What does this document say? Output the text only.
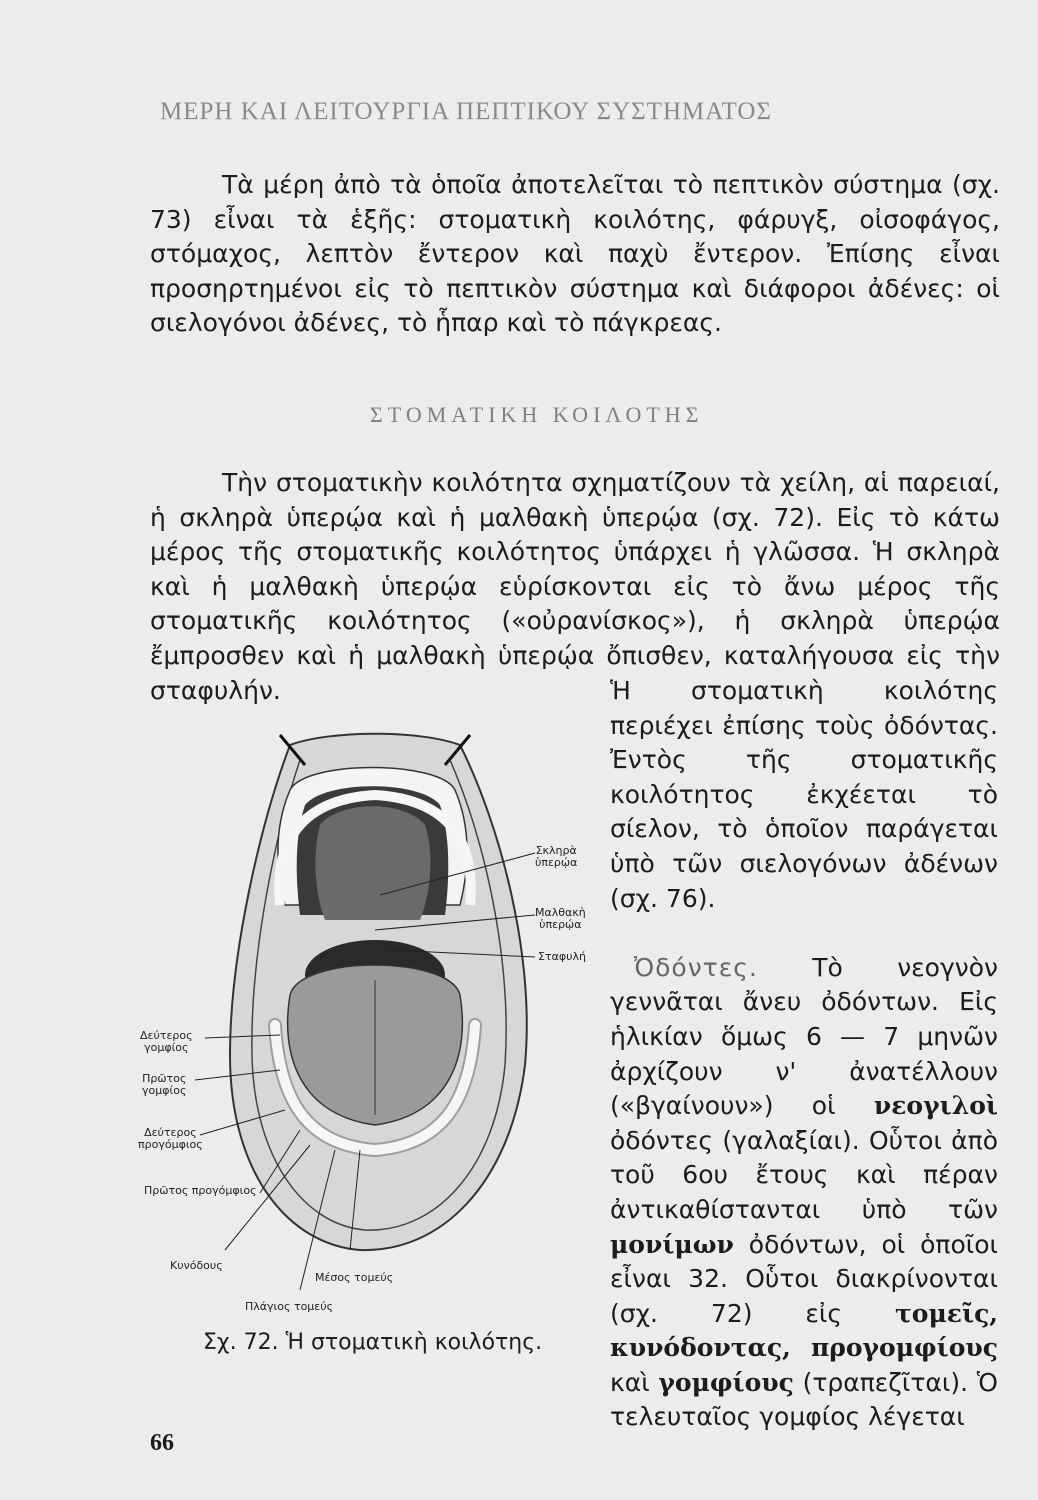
ΜΕΡΗ ΚΑΙ ΛΕΙΤΟΥΡΓΙΑ ΠΕΠΤΙΚΟΥ ΣΥΣΤΗΜΑΤΟΣ

Τὰ μέρη ἀπὸ τὰ ὁποῖα ἀποτελεῖται τὸ πεπτικὸν σύστημα (σχ. 73) εἶναι τὰ ἑξῆς: στοματικὴ κοιλότης, φάρυγξ, οἰσοφάγος, στόμαχος, λεπτὸν ἔντερον καὶ παχὺ ἔντερον. Ἐπίσης εἶναι προσηρτημένοι εἰς τὸ πεπτικὸν σύστημα καὶ διάφοροι ἀδένες: οἱ σιελογόνοι ἀδένες, τὸ ἧπαρ καὶ τὸ πάγκρεας.

ΣΤΟΜΑΤΙΚΗ ΚΟΙΛΟΤΗΣ

Τὴν στοματικὴν κοιλότητα σχηματίζουν τὰ χείλη, αἱ παρειαί, ἡ σκληρὰ ὑπερῴα καὶ ἡ μαλθακὴ ὑπερῴα (σχ. 72). Εἰς τὸ κάτω μέρος τῆς στοματικῆς κοιλότητος ὑπάρχει ἡ γλῶσσα. Ἡ σκληρὰ καὶ ἡ μαλθακὴ ὑπερῴα εὑρίσκονται εἰς τὸ ἄνω μέρος τῆς στοματικῆς κοιλότητος («οὐρανίσκος»), ἡ σκληρὰ ὑπερῴα ἔμπροσθεν καὶ ἡ μαλθακὴ ὑπερῴα ὄπισθεν, καταλήγουσα εἰς τὴν σταφυλήν.	Ἡ στοματικὴ κοιλότης περιέχει ἐπίσης τοὺς ὀδόντας. Ἐντὸς τῆς στοματικῆς κοιλότητος ἐκχέεται τὸ σίελον, τὸ ὁποῖον παράγεται ὑπὸ τῶν σιελογόνων ἀδένων (σχ. 76).

Ὀδόντες. Τὸ νεογνὸν γεννᾶται ἄνευ ὀδόντων. Εἰς ἡλικίαν ὅμως 6 — 7 μηνῶν ἀρχίζουν ν' ἀνατέλλουν («βγαίνουν») οἱ νεογιλοὶ ὀδόντες (γαλαξίαι). Οὗτοι ἀπὸ τοῦ 6ου ἔτους καὶ πέραν ἀντικαθίστανται ὑπὸ τῶν μονίμων ὀδόντων, οἱ ὁποῖοι εἶναι 32. Οὗτοι διακρίνονται (σχ. 72) εἰς τομεῖς, κυνόδοντας, προγομφίους καὶ γομφίους (τραπεζῖται). Ὁ τελευταῖος γομφίος λέγεται

Σκληρὰ
ὑπερῴα
Μαλθακὴ
ὑπερῴα
Σταφυλή
Δεύτερος
γομφίος
Πρῶτος
γομφίος
Δεύτερος
προγόμφιος
Πρῶτος προγόμφιος
Κυνόδους
Μέσος τομεύς
Πλάγιος τομεύς
Σχ. 72. Ἡ στοματικὴ κοιλότης.
66
